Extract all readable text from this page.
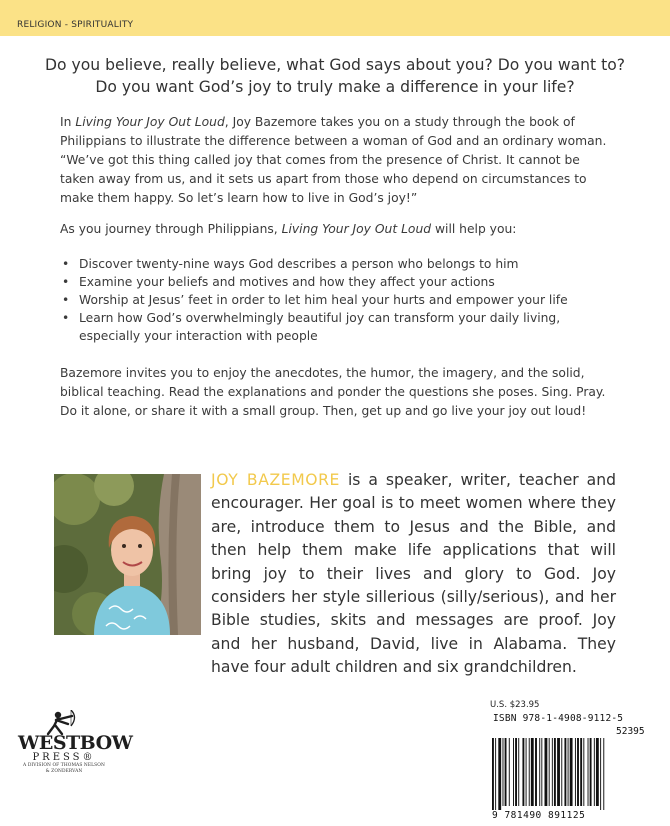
RELIGION - SPIRITUALITY
Do you believe, really believe, what God says about you? Do you want to?
Do you want God’s joy to truly make a difference in your life?

In Living Your Joy Out Loud, Joy Bazemore takes you on a study through the book of Philippians to illustrate the difference between a woman of God and an ordinary woman. “We’ve got this thing called joy that comes from the presence of Christ. It cannot be taken away from us, and it sets us apart from those who depend on circumstances to make them happy. So let’s learn how to live in God’s joy!”

As you journey through Philippians, Living Your Joy Out Loud will help you:

• Discover twenty-nine ways God describes a person who belongs to him
• Examine your beliefs and motives and how they affect your actions
• Worship at Jesus’ feet in order to let him heal your hurts and empower your life
• Learn how God’s overwhelmingly beautiful joy can transform your daily living, especially your interaction with people

Bazemore invites you to enjoy the anecdotes, the humor, the imagery, and the solid, biblical teaching. Read the explanations and ponder the questions she poses. Sing. Pray. Do it alone, or share it with a small group. Then, get up and go live your joy out loud!

JOY BAZEMORE is a speaker, writer, teacher and encourager. Her goal is to meet women where they are, introduce them to Jesus and the Bible, and then help them make life applications that will bring joy to their lives and glory to God. Joy considers her style sillerious (silly/serious), and her Bible studies, skits and messages are proof. Joy and her husband, David, live in Alabama. They have four adult children and six grandchildren.

WESTBOW
PRESS®
A DIVISION OF THOMAS NELSON
& ZONDERVAN
U.S. $23.95
ISBN 978-1-4908-9112-5
52395
9 781490 891125
